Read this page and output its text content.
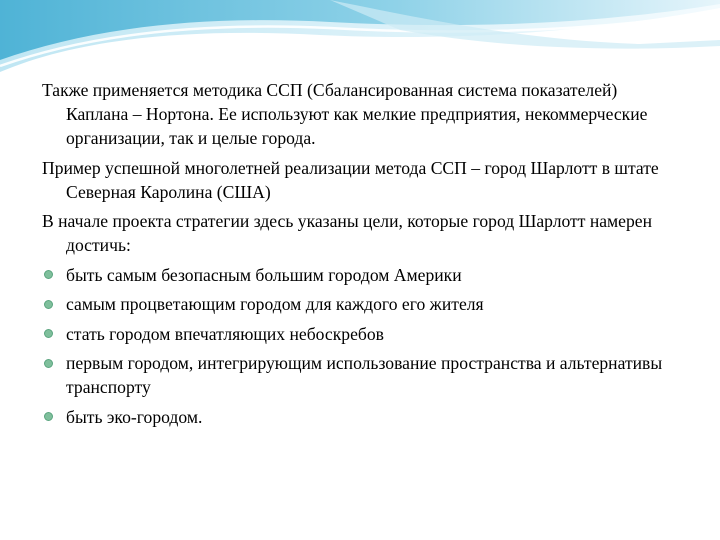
Также применяется методика ССП (Сбалансированная система показателей) Каплана – Нортона. Ее используют как мелкие предприятия, некоммерческие организации, так и целые города.

Пример успешной многолетней реализации метода ССП – город Шарлотт в штате Северная Каролина (США)

В начале проекта стратегии здесь указаны цели, которые город Шарлотт намерен достичь:

быть самым безопасным большим городом Америки
самым процветающим городом для каждого его жителя
стать городом впечатляющих небоскребов
первым городом, интегрирующим использование пространства и альтернативы транспорту
быть эко-городом.
